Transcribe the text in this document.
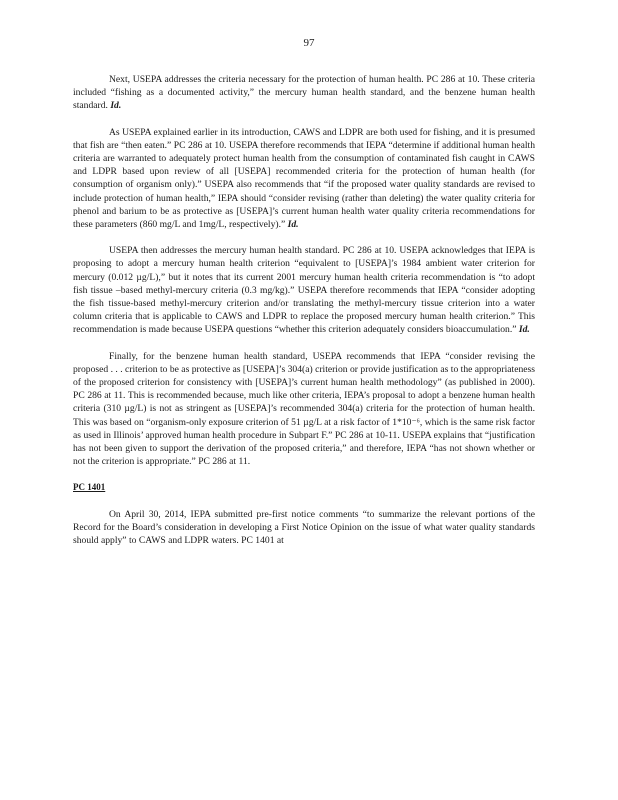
97

Next, USEPA addresses the criteria necessary for the protection of human health. PC 286 at 10. These criteria included “fishing as a documented activity,” the mercury human health standard, and the benzene human health standard. Id.

As USEPA explained earlier in its introduction, CAWS and LDPR are both used for fishing, and it is presumed that fish are “then eaten.” PC 286 at 10. USEPA therefore recommends that IEPA “determine if additional human health criteria are warranted to adequately protect human health from the consumption of contaminated fish caught in CAWS and LDPR based upon review of all [USEPA] recommended criteria for the protection of human health (for consumption of organism only).” USEPA also recommends that “if the proposed water quality standards are revised to include protection of human health,” IEPA should “consider revising (rather than deleting) the water quality criteria for phenol and barium to be as protective as [USEPA]’s current human health water quality criteria recommendations for these parameters (860 mg/L and 1mg/L, respectively).” Id.

USEPA then addresses the mercury human health standard. PC 286 at 10. USEPA acknowledges that IEPA is proposing to adopt a mercury human health criterion “equivalent to [USEPA]’s 1984 ambient water criterion for mercury (0.012 µg/L),” but it notes that its current 2001 mercury human health criteria recommendation is “to adopt fish tissue –based methyl-mercury criteria (0.3 mg/kg).” USEPA therefore recommends that IEPA “consider adopting the fish tissue-based methyl-mercury criterion and/or translating the methyl-mercury tissue criterion into a water column criteria that is applicable to CAWS and LDPR to replace the proposed mercury human health criterion.” This recommendation is made because USEPA questions “whether this criterion adequately considers bioaccumulation.” Id.

Finally, for the benzene human health standard, USEPA recommends that IEPA “consider revising the proposed . . . criterion to be as protective as [USEPA]’s 304(a) criterion or provide justification as to the appropriateness of the proposed criterion for consistency with [USEPA]’s current human health methodology” (as published in 2000). PC 286 at 11. This is recommended because, much like other criteria, IEPA’s proposal to adopt a benzene human health criteria (310 µg/L) is not as stringent as [USEPA]’s recommended 304(a) criteria for the protection of human health. This was based on “organism-only exposure criterion of 51 µg/L at a risk factor of 1*10⁻⁶, which is the same risk factor as used in Illinois’ approved human health procedure in Subpart F.” PC 286 at 10-11. USEPA explains that “justification has not been given to support the derivation of the proposed criteria,” and therefore, IEPA “has not shown whether or not the criterion is appropriate.” PC 286 at 11.

PC 1401

On April 30, 2014, IEPA submitted pre-first notice comments “to summarize the relevant portions of the Record for the Board’s consideration in developing a First Notice Opinion on the issue of what water quality standards should apply” to CAWS and LDPR waters. PC 1401 at
